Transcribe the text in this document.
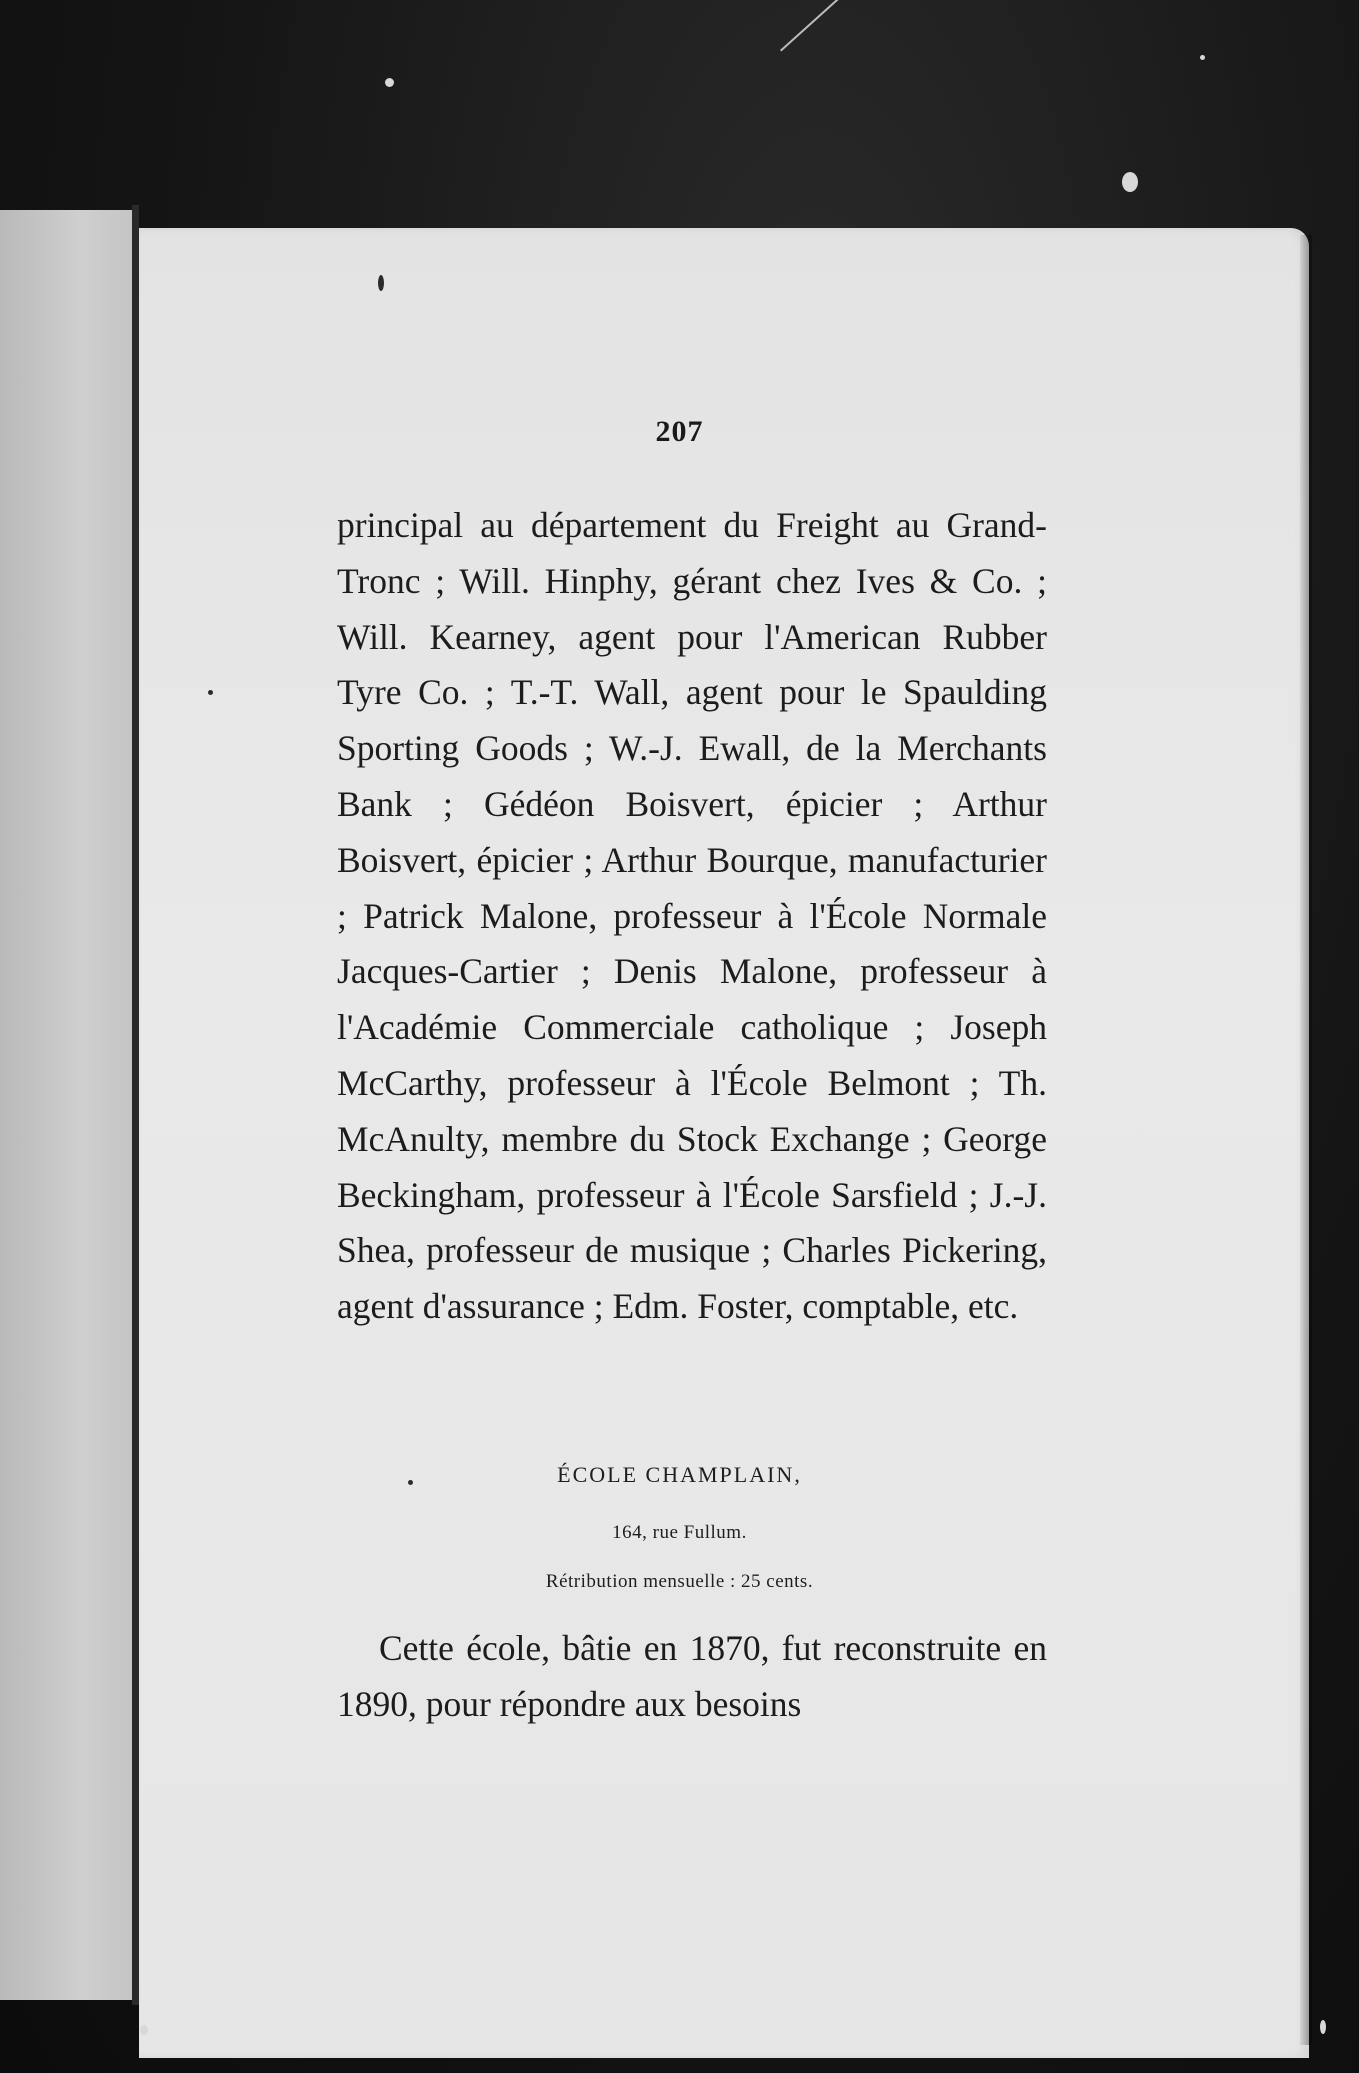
207
principal au département du Freight au Grand-Tronc ; Will. Hinphy, gérant chez Ives & Co. ; Will. Kearney, agent pour l'American Rubber Tyre Co. ; T.-T. Wall, agent pour le Spaulding Sporting Goods ; W.-J. Ewall, de la Merchants Bank ; Gédéon Boisvert, épicier ; Arthur Boisvert, épicier ; Arthur Bourque, manufacturier ; Patrick Malone, professeur à l'École Normale Jacques-Cartier ; Denis Malone, professeur à l'Académie Commerciale catholique ; Joseph McCarthy, professeur à l'École Belmont ; Th. McAnulty, membre du Stock Exchange ; George Beckingham, professeur à l'École Sarsfield ; J.-J. Shea, professeur de musique ; Charles Pickering, agent d'assurance ; Edm. Foster, comptable, etc.
ÉCOLE CHAMPLAIN,
164, rue Fullum.
Rétribution mensuelle : 25 cents.
Cette école, bâtie en 1870, fut reconstruite en 1890, pour répondre aux besoins
